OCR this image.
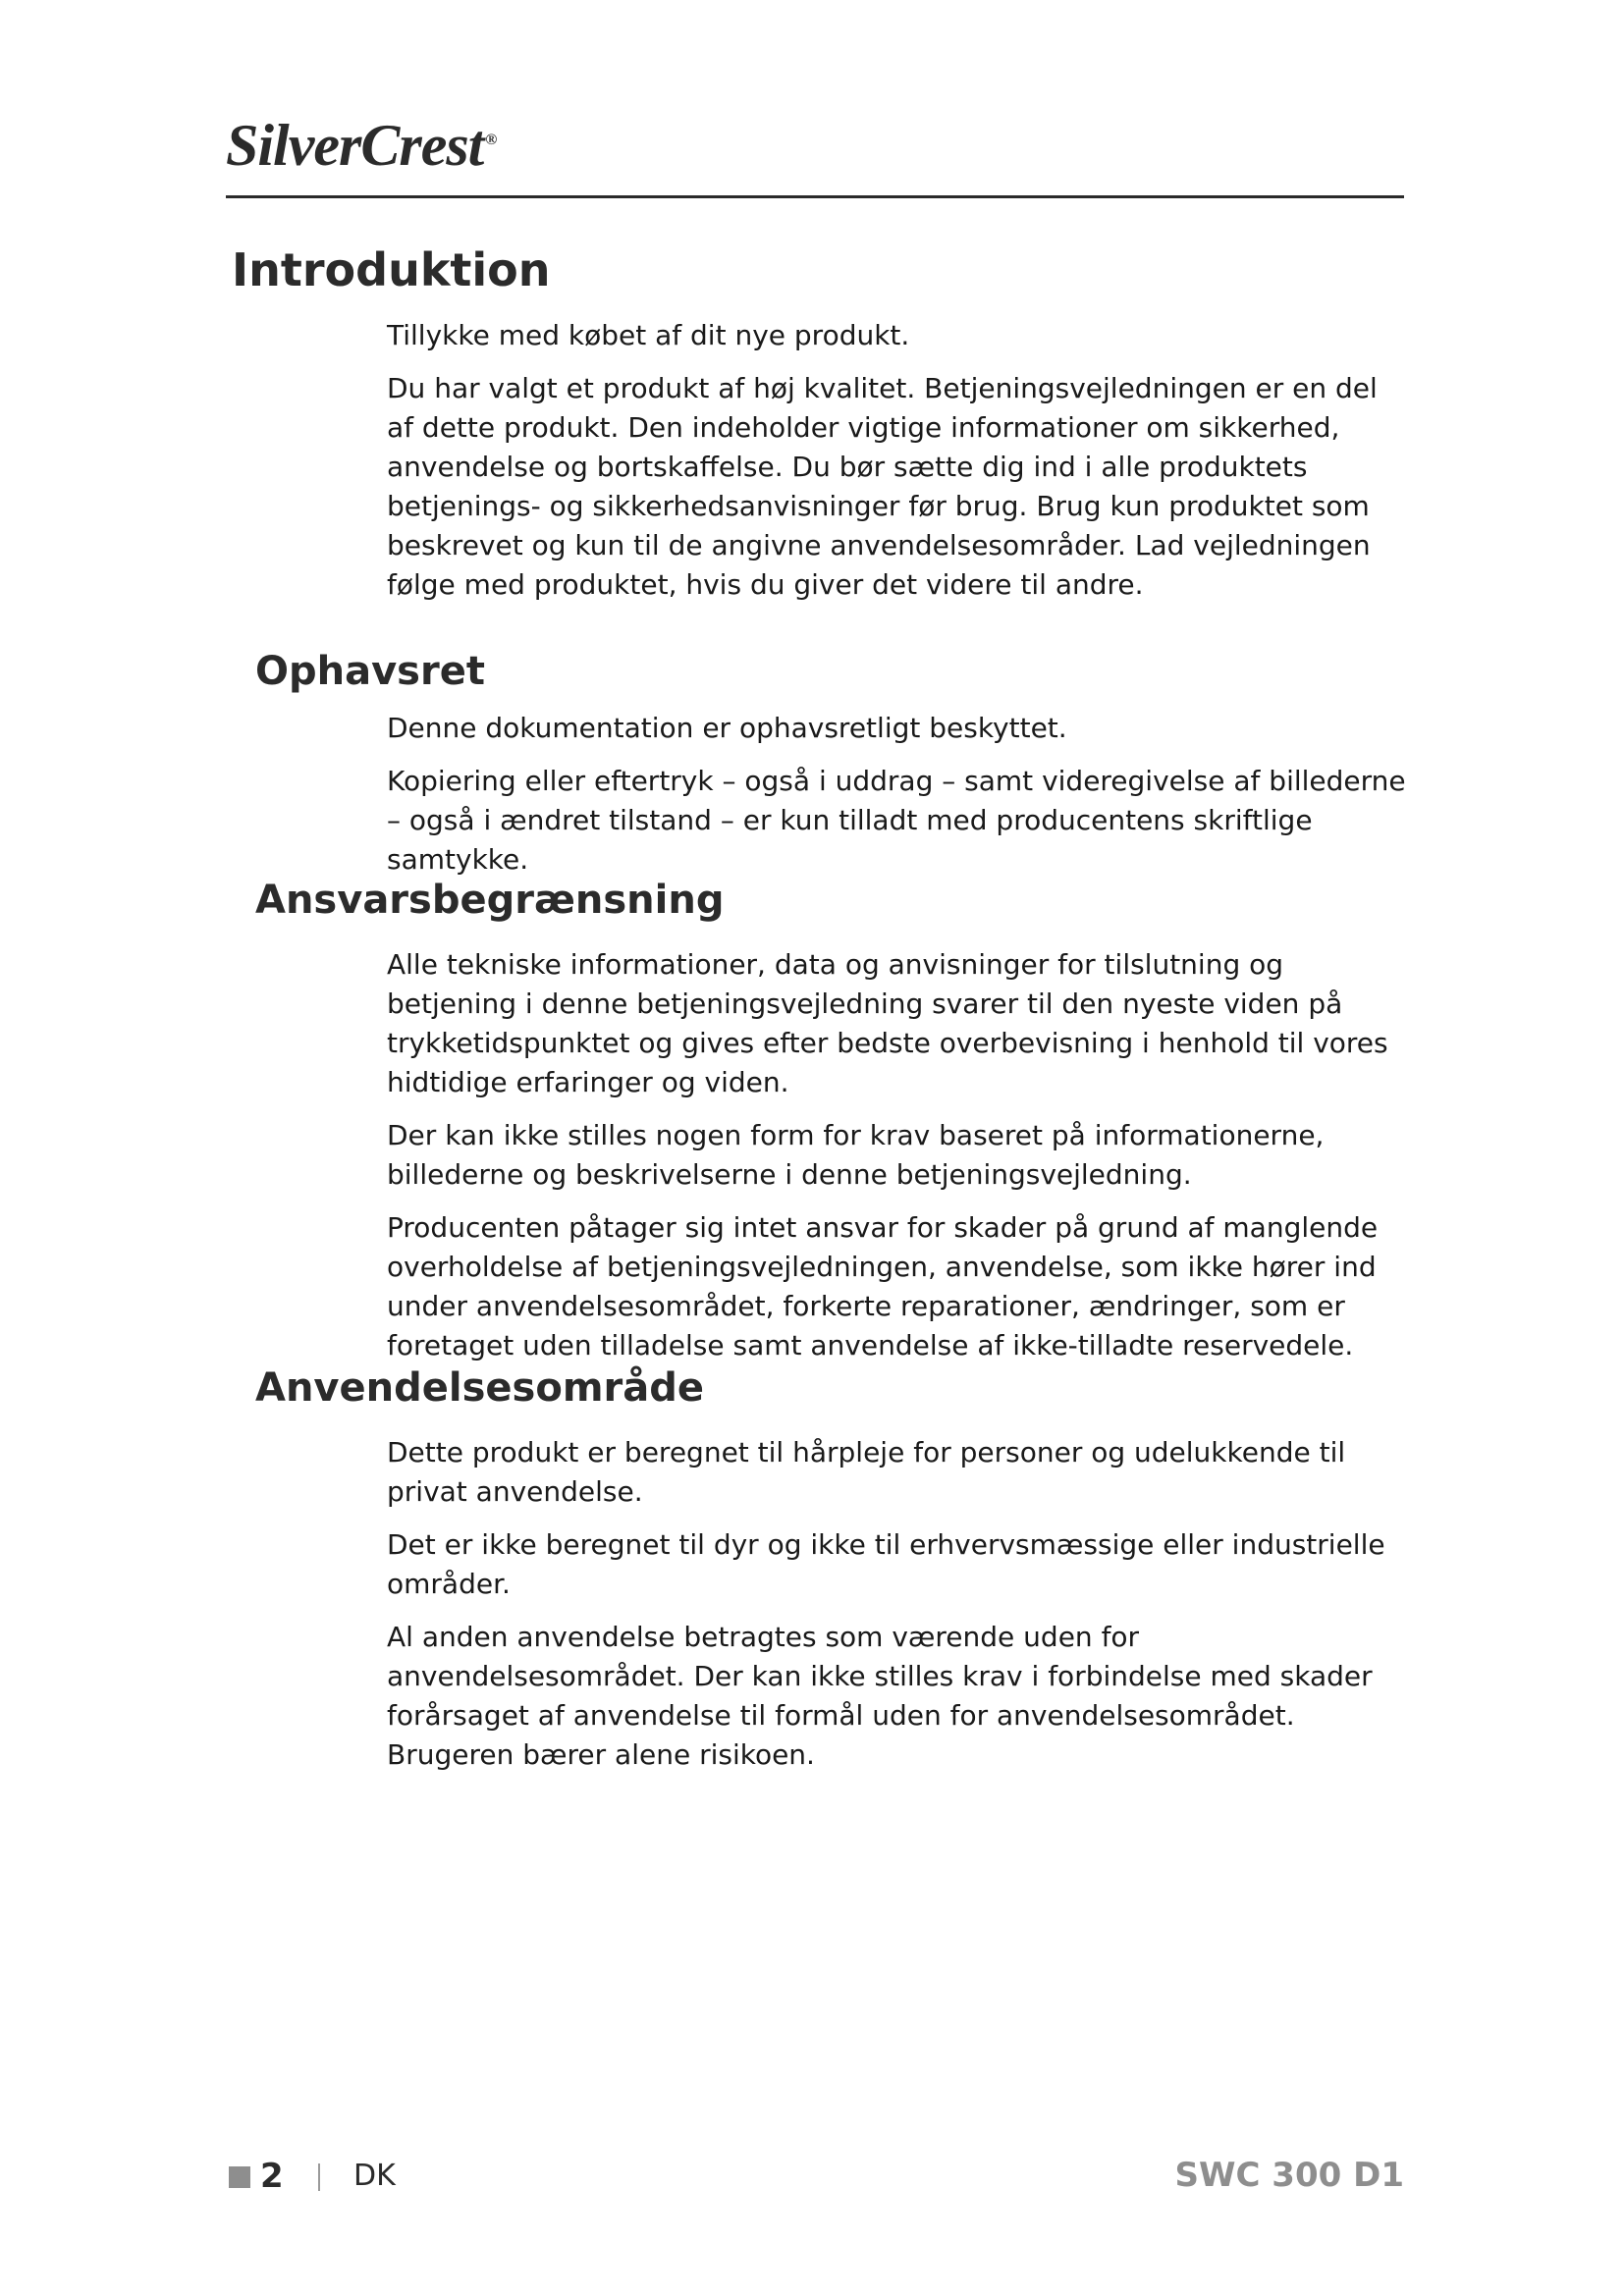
SilverCrest ®
Introduktion

Tillykke med købet af dit nye produkt.

Du har valgt et produkt af høj kvalitet. Betjeningsvejledningen er en del af dette produkt. Den indeholder vigtige informationer om sikkerhed, anvendelse og bortskaffelse. Du bør sætte dig ind i alle produktets betjenings- og sikkerhedsanvisninger før brug. Brug kun produktet som beskrevet og kun til de angivne anvendelsesområder. Lad vejledningen følge med produktet, hvis du giver det videre til andre.

Ophavsret

Denne dokumentation er ophavsretligt beskyttet.

Kopiering eller eftertryk – også i uddrag – samt videregivelse af billederne – også i ændret tilstand – er kun tilladt med producentens skriftlige samtykke.

Ansvarsbegrænsning

Alle tekniske informationer, data og anvisninger for tilslutning og betjening i denne betjeningsvejledning svarer til den nyeste viden på trykketidspunktet og gives efter bedste overbevisning i henhold til vores hidtidige erfaringer og viden.

Der kan ikke stilles nogen form for krav baseret på informationerne, billederne og beskrivelserne i denne betjeningsvejledning.

Producenten påtager sig intet ansvar for skader på grund af manglende overholdelse af betjeningsvejledningen, anvendelse, som ikke hører ind under anvendelsesområdet, forkerte reparationer, ændringer, som er foretaget uden tilladelse samt anvendelse af ikke-tilladte reservedele.

Anvendelsesområde

Dette produkt er beregnet til hårpleje for personer og udelukkende til privat anvendelse.

Det er ikke beregnet til dyr og ikke til erhvervsmæssige eller industrielle områder.

Al anden anvendelse betragtes som værende uden for anvendelsesområdet. Der kan ikke stilles krav i forbindelse med skader forårsaget af anvendelse til formål uden for anvendelsesområdet. Brugeren bærer alene risikoen.

2 DK	SWC 300 D1
